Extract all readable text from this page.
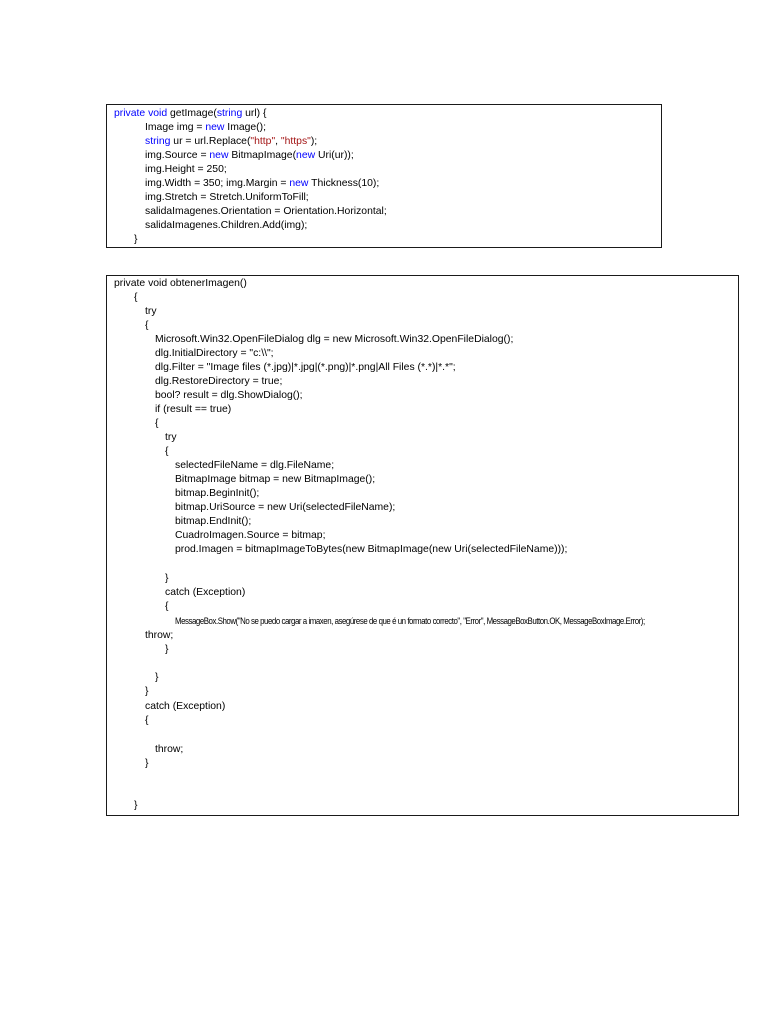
private void getImage(string url) {
Image img = new Image();
string ur = url.Replace("http", "https");
img.Source = new BitmapImage(new Uri(ur));
img.Height = 250;
img.Width = 350; img.Margin = new Thickness(10);
img.Stretch = Stretch.UniformToFill;
salidaImagenes.Orientation = Orientation.Horizontal;
salidaImagenes.Children.Add(img);
}
private void obtenerImagen()
{
try
{
Microsoft.Win32.OpenFileDialog dlg = new Microsoft.Win32.OpenFileDialog();
dlg.InitialDirectory = "c:\\";
dlg.Filter = "Image files (*.jpg)|*.jpg|(*.png)|*.png|All Files (*.*)|*.*";
dlg.RestoreDirectory = true;
bool? result = dlg.ShowDialog();
if (result == true)
{
try
{
selectedFileName = dlg.FileName;
BitmapImage bitmap = new BitmapImage();
bitmap.BeginInit();
bitmap.UriSource = new Uri(selectedFileName);
bitmap.EndInit();
CuadroImagen.Source = bitmap;
prod.Imagen = bitmapImageToBytes(new BitmapImage(new Uri(selectedFileName)));
}
catch (Exception)
{
MessageBox.Show("No se puedo cargar a imaxen, asegúrese de que é un formato correcto", "Error", MessageBoxButton.OK, MessageBoxImage.Error);
throw;
}
}
}
catch (Exception)
{
throw;
}
}
